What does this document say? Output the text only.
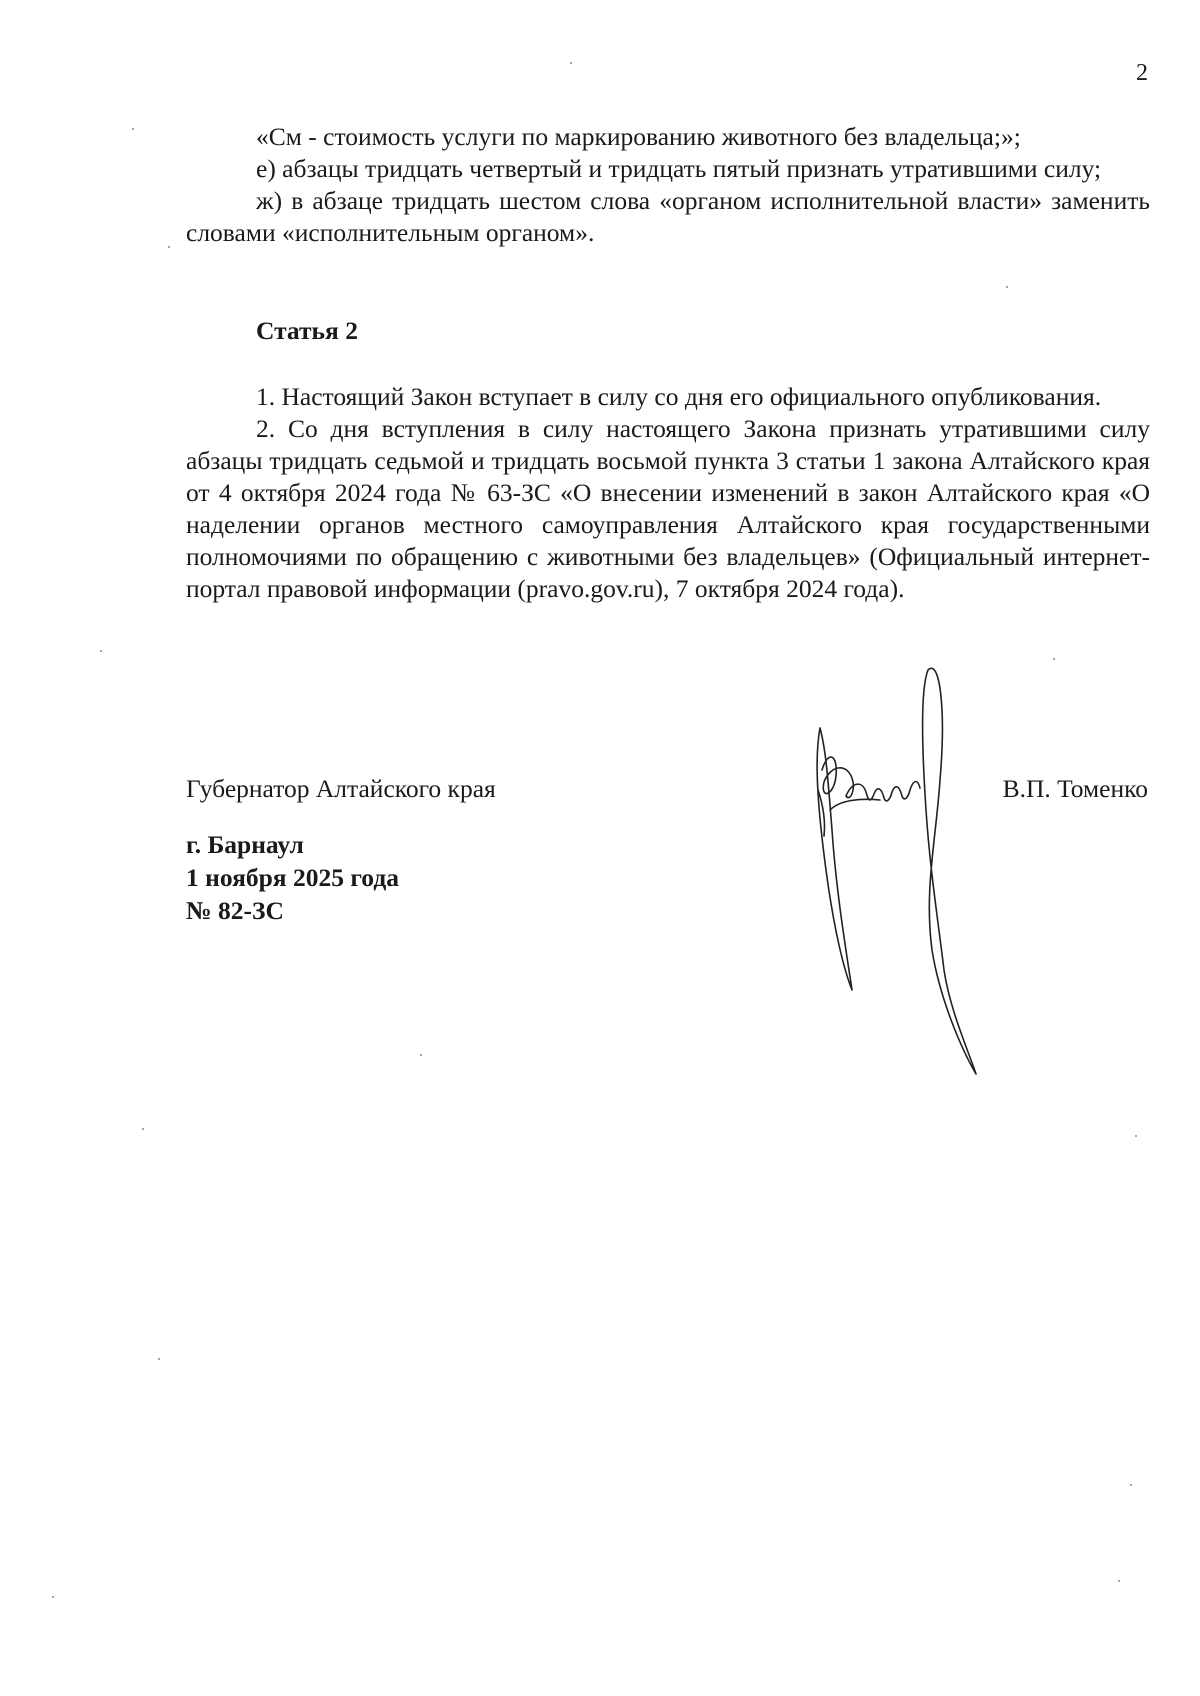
2

«Cм - стоимость услуги по маркированию животного без владельца;»;

е) абзацы тридцать четвертый и тридцать пятый признать утратившими силу;

ж) в абзаце тридцать шестом слова «органом исполнительной власти» заменить словами «исполнительным органом».

Статья 2

1. Настоящий Закон вступает в силу со дня его официального опубликования.

2. Со дня вступления в силу настоящего Закона признать утратившими силу абзацы тридцать седьмой и тридцать восьмой пункта 3 статьи 1 закона Алтайского края от 4 октября 2024 года № 63-ЗС «О внесении изменений в закон Алтайского края «О наделении органов местного самоуправления Алтайского края государственными полномочиями по обращению с животными без владельцев» (Официальный интернет-портал правовой информации (pravo.gov.ru), 7 октября 2024 года).

Губернатор Алтайского края	В.П. Томенко
г. Барнаул
1 ноября 2025 года
№ 82-ЗС
